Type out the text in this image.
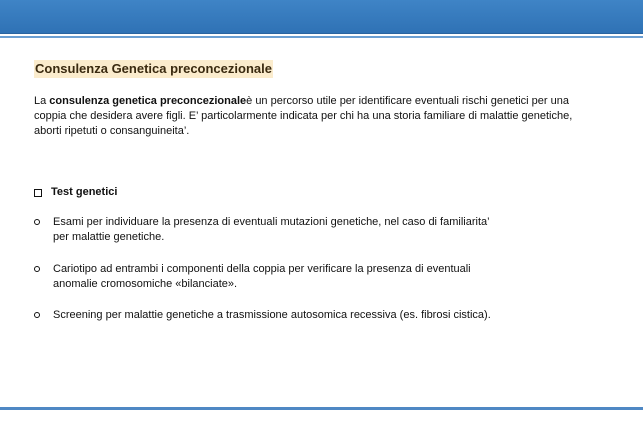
Consulenza Genetica preconcezionale

La consulenza genetica preconcezionaleè un percorso utile per identificare eventuali rischi genetici per una coppia che desidera avere figli. E’ particolarmente indicata per chi ha una storia familiare di malattie genetiche, aborti ripetuti o consanguineita’.

Test genetici
Esami per individuare la presenza di eventuali mutazioni genetiche, nel caso di familiarita’
per malattie genetiche.
Cariotipo ad entrambi i componenti della coppia per verificare la presenza di eventuali
anomalie cromosomiche «bilanciate».
Screening per malattie genetiche a trasmissione autosomica recessiva (es. fibrosi cistica).
